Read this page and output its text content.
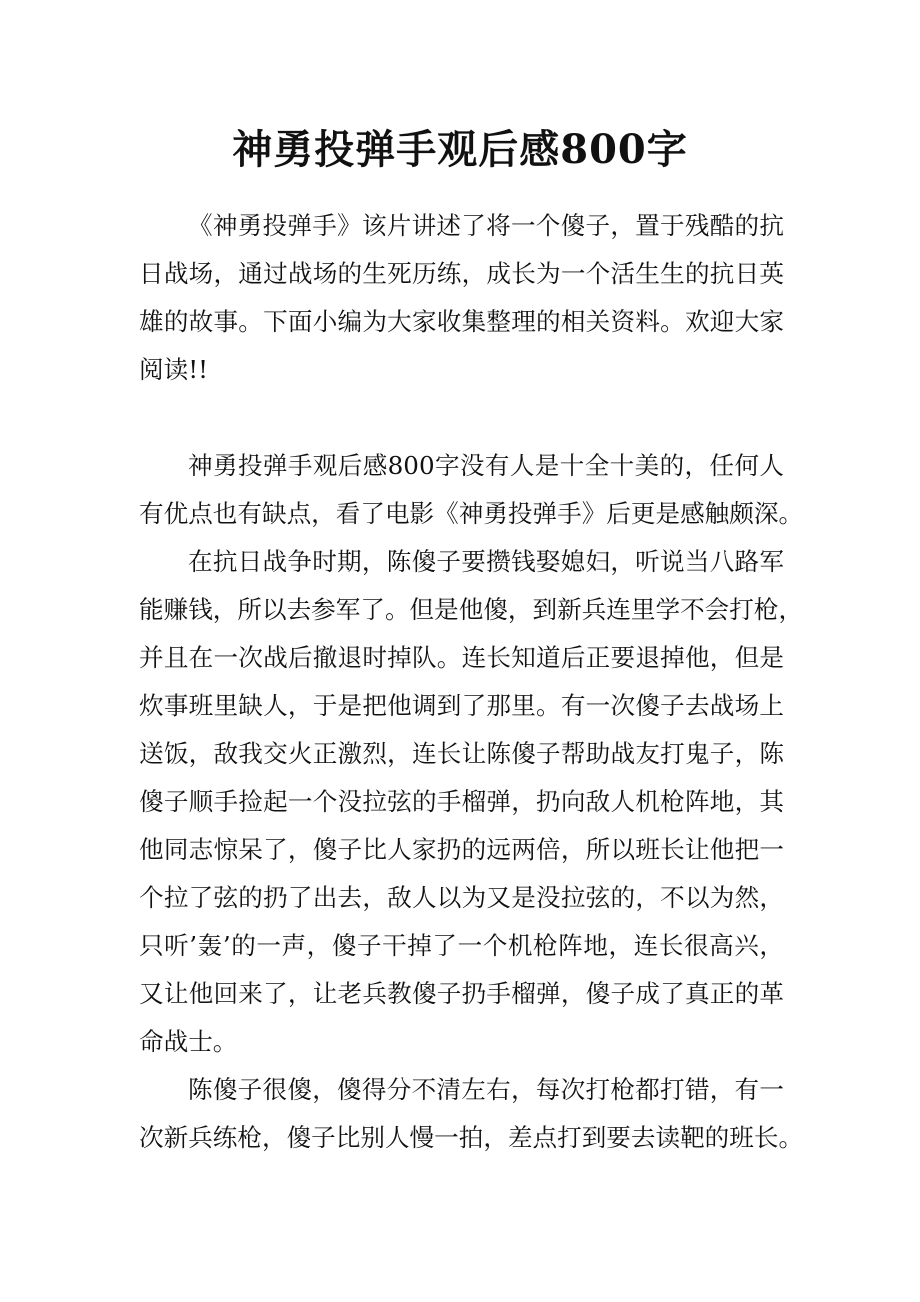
神勇投弹手观后感800字
《神勇投弹手》该片讲述了将一个傻子，置于残酷的抗
日战场，通过战场的生死历练，成长为一个活生生的抗日英
雄的故事。下面小编为大家收集整理的相关资料。欢迎大家
阅读!!
神勇投弹手观后感800字没有人是十全十美的，任何人
有优点也有缺点，看了电影《神勇投弹手》后更是感触颇深。
在抗日战争时期，陈傻子要攒钱娶媳妇，听说当八路军
能赚钱，所以去参军了。但是他傻，到新兵连里学不会打枪，
并且在一次战后撤退时掉队。连长知道后正要退掉他，但是
炊事班里缺人，于是把他调到了那里。有一次傻子去战场上
送饭，敌我交火正激烈，连长让陈傻子帮助战友打鬼子，陈
傻子顺手捡起一个没拉弦的手榴弹，扔向敌人机枪阵地，其
他同志惊呆了，傻子比人家扔的远两倍，所以班长让他把一
个拉了弦的扔了出去，敌人以为又是没拉弦的，不以为然，
只听’轰’的一声，傻子干掉了一个机枪阵地，连长很高兴，
又让他回来了，让老兵教傻子扔手榴弹，傻子成了真正的革
命战士。
陈傻子很傻，傻得分不清左右，每次打枪都打错，有一
次新兵练枪，傻子比别人慢一拍，差点打到要去读靶的班长。
